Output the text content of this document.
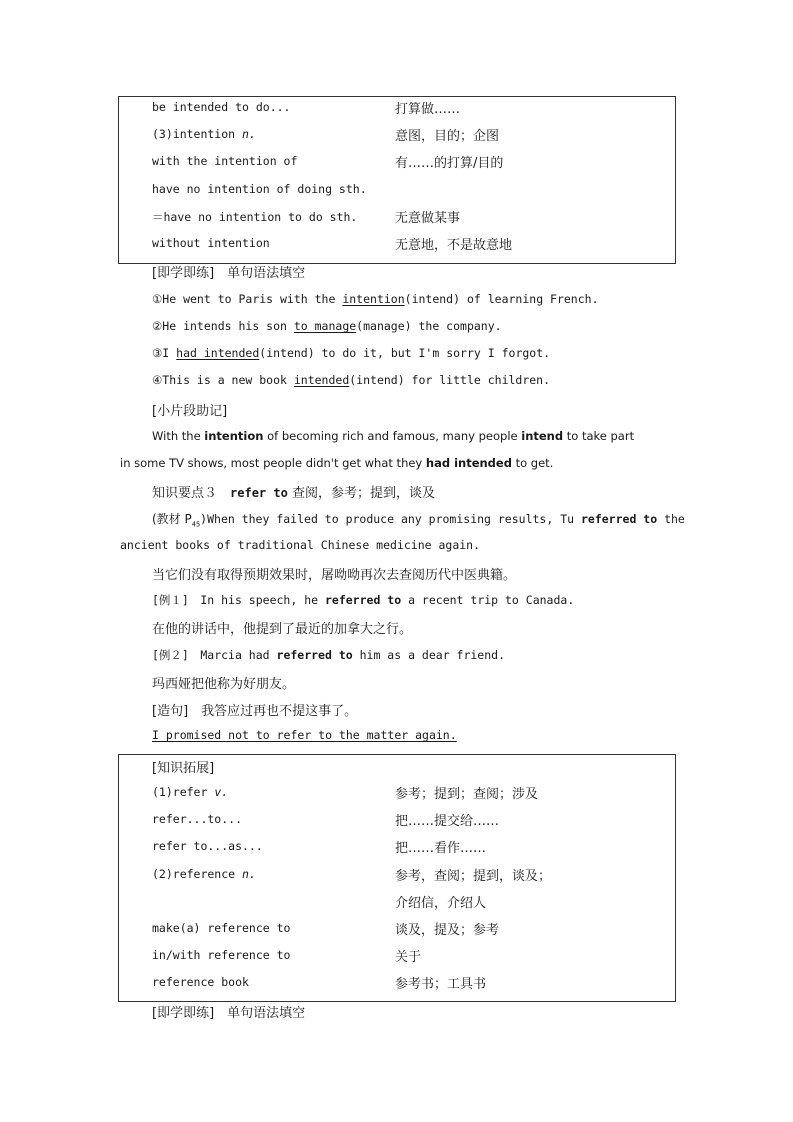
be intended to do...	打算做……
(3)intention n.	意图，目的；企图
with the intention of	有……的打算/目的
have no intention of doing sth.
＝have no intention to do sth.	无意做某事
without intention	无意地，不是故意地
[即学即练]　单句语法填空
①He went to Paris with the intention(intend) of learning French.
②He intends his son to manage(manage) the company.
③I had intended(intend) to do it, but I'm sorry I forgot.
④This is a new book intended(intend) for little children.
[小片段助记]
With the intention of becoming rich and famous, many people intend to take part
in some TV shows, most people didn't get what they had intended to get.
知识要点３　refer to 查阅，参考；提到，谈及
(教材 $P_{45})When$ they failed to produce any promising results, Tu referred to the
ancient books of traditional Chinese medicine again.
当它们没有取得预期效果时，屠呦呦再次去查阅历代中医典籍。
[例１]　In his speech, he referred to a recent trip to Canada.
在他的讲话中，他提到了最近的加拿大之行。
[例２]　Marcia had referred to him as a dear friend.
玛西娅把他称为好朋友。
[造句]　我答应过再也不提这事了。
I promised not to refer to the matter again.
[知识拓展]
(1)refer v.	参考；提到；查阅；涉及
refer...to...	把……提交给……
refer to...as...	把……看作……
(2)reference n.	参考，查阅；提到，谈及；
介绍信，介绍人
make(a) reference to	谈及，提及；参考
in/with reference to	关于
reference book	参考书；工具书
[即学即练]　单句语法填空
